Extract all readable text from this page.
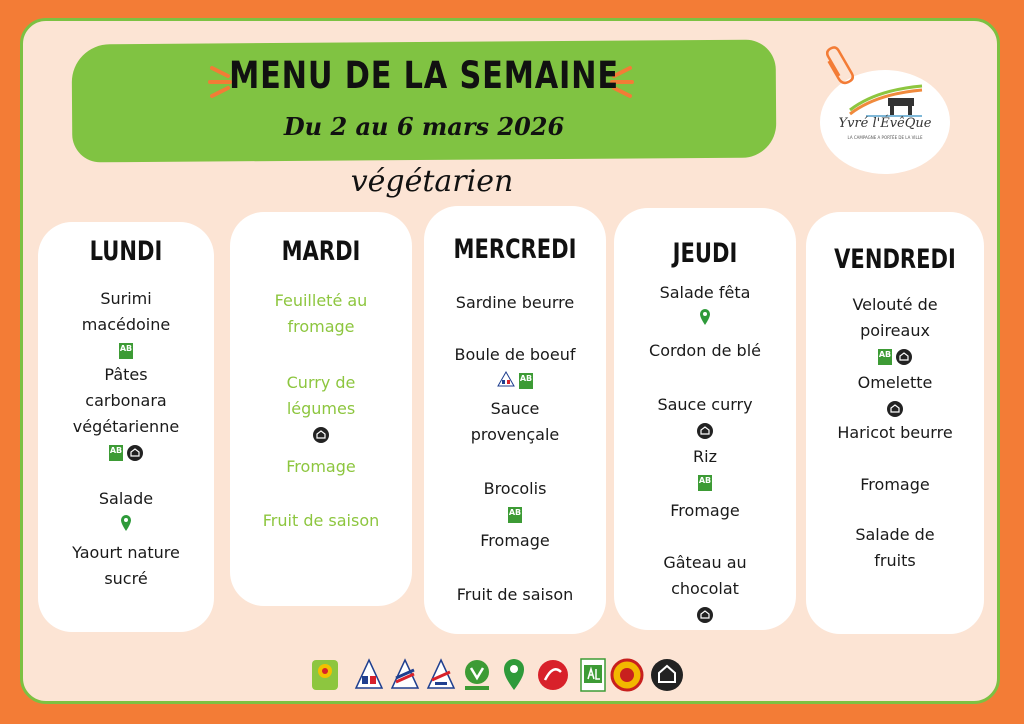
MENU DE LA SEMAINE
Du 2 au 6 mars 2026
végétarien
Yvré l'ÉvêQue
LA CAMPAGNE A PORTÉE DE LA VILLE
LUNDI
Surimi
macédoine
AB
Pâtes
carbonara
végétarienne
AB
Salade
Yaourt nature
sucré
MARDI
Feuilleté au
fromage
Curry de
légumes
Fromage
Fruit de saison
MERCREDI
Sardine beurre
Boule de boeuf
AB
Sauce
provençale
Brocolis
AB
Fromage
Fruit de saison
JEUDI
Salade fêta
Cordon de blé
Sauce curry
Riz
AB
Fromage
Gâteau au
chocolat
VENDREDI
Velouté de
poireaux
AB
Omelette
Haricot beurre
Fromage
Salade de
fruits
